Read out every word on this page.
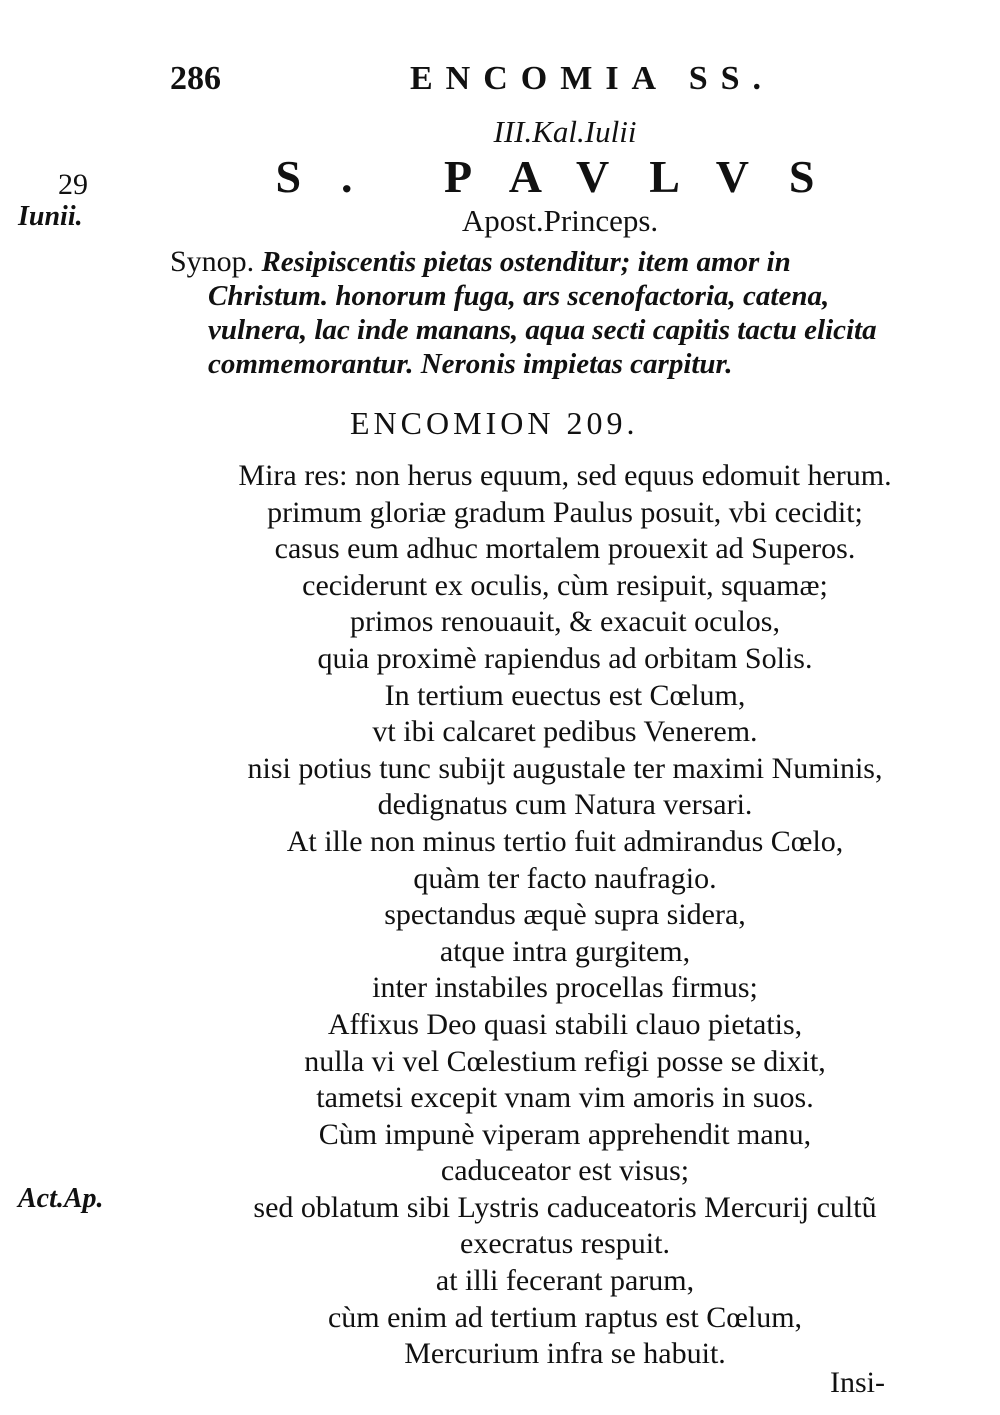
286	ENCOMIA SS.
29
Iunii.
Act.Ap.
III.Kal.Iulii
S. PAVLVS
Apost.Princeps.
Synop. Resipiscentis pietas ostenditur; item amor in
Christum. honorum fuga, ars scenofactoria, catena,
vulnera, lac inde manans, aqua secti capitis tactu elicita
commemorantur. Neronis impietas carpitur.
ENCOMION 209.
Mira res: non herus equum, sed equus edomuit herum.
primum gloriæ gradum Paulus posuit, vbi cecidit;
casus eum adhuc mortalem prouexit ad Superos.
ceciderunt ex oculis, cùm resipuit, squamæ;
primos renouauit, & exacuit oculos,
quia proximè rapiendus ad orbitam Solis.
In tertium euectus est Cœlum,
vt ibi calcaret pedibus Venerem.
nisi potius tunc subijt augustale ter maximi Numinis,
dedignatus cum Natura versari.
At ille non minus tertio fuit admirandus Cœlo,
quàm ter facto naufragio.
spectandus æquè supra sidera,
atque intra gurgitem,
inter instabiles procellas firmus;
Affixus Deo quasi stabili clauo pietatis,
nulla vi vel Cœlestium refigi posse se dixit,
tametsi excepit vnam vim amoris in suos.
Cùm impunè viperam apprehendit manu,
caduceator est visus;
sed oblatum sibi Lystris caduceatoris Mercurij cultũ
execratus respuit.
at illi fecerant parum,
cùm enim ad tertium raptus est Cœlum,
Mercurium infra se habuit.
Insi-
